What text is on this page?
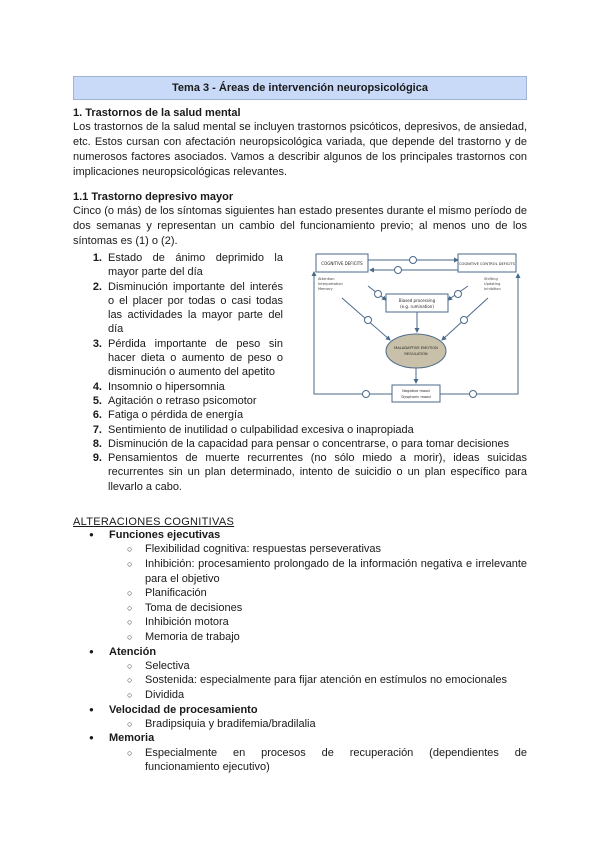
Tema 3 - Áreas de intervención neuropsicológica
1. Trastornos de la salud mental

Los trastornos de la salud mental se incluyen trastornos psicóticos, depresivos, de ansiedad, etc. Estos cursan con afectación neuropsicológica variada, que depende del trastorno y de numerosos factores asociados. Vamos a describir algunos de los principales trastornos con implicaciones neuropsicológicas relevantes.

1.1 Trastorno depresivo mayor

Cinco (o más) de los síntomas siguientes han estado presentes durante el mismo período de dos semanas y representan un cambio del funcionamiento previo; al menos uno de los síntomas es (1) o (2).

1. Estado de ánimo deprimido la mayor parte del día
2. Disminución importante del interés o el placer por todas o casi todas las actividades la mayor parte del día
3. Pérdida importante de peso sin hacer dieta o aumento de peso o disminución o aumento del apetito
4. Insomnio o hipersomnia
5. Agitación o retraso psicomotor
6. Fatiga o pérdida de energía
7. Sentimiento de inutilidad o culpabilidad excesiva o inapropiada
8. Disminución de la capacidad para pensar o concentrarse, o para tomar decisiones
9. Pensamientos de muerte recurrentes (no sólo miedo a morir), ideas suicidas recurrentes sin un plan determinado, intento de suicidio o un plan específico para llevarlo a cabo.
ALTERACIONES COGNITIVAS
● Funciones ejecutivas
○ Flexibilidad cognitiva: respuestas perseverativas
○ Inhibición: procesamiento prolongado de la información negativa e irrelevante para el objetivo
○ Planificación
○ Toma de decisiones
○ Inhibición motora
○ Memoria de trabajo
● Atención
○ Selectiva
○ Sostenida: especialmente para fijar atención en estímulos no emocionales
○ Dividida
● Velocidad de procesamiento
○ Bradipsiquia y bradifemia/bradilalia
● Memoria
○ Especialmente en procesos de recuperación (dependientes de funcionamiento ejecutivo)
COGNITIVE DEFICITS
Attention Interpretation Memory
COGNITIVE CONTROL DEFICITS
Shifting Updating Inhibition
Biased processing
(e.g. rumination)
MALADAPTIVE EMOTION
REGULATION
Negative mood
Dysphoric mood
